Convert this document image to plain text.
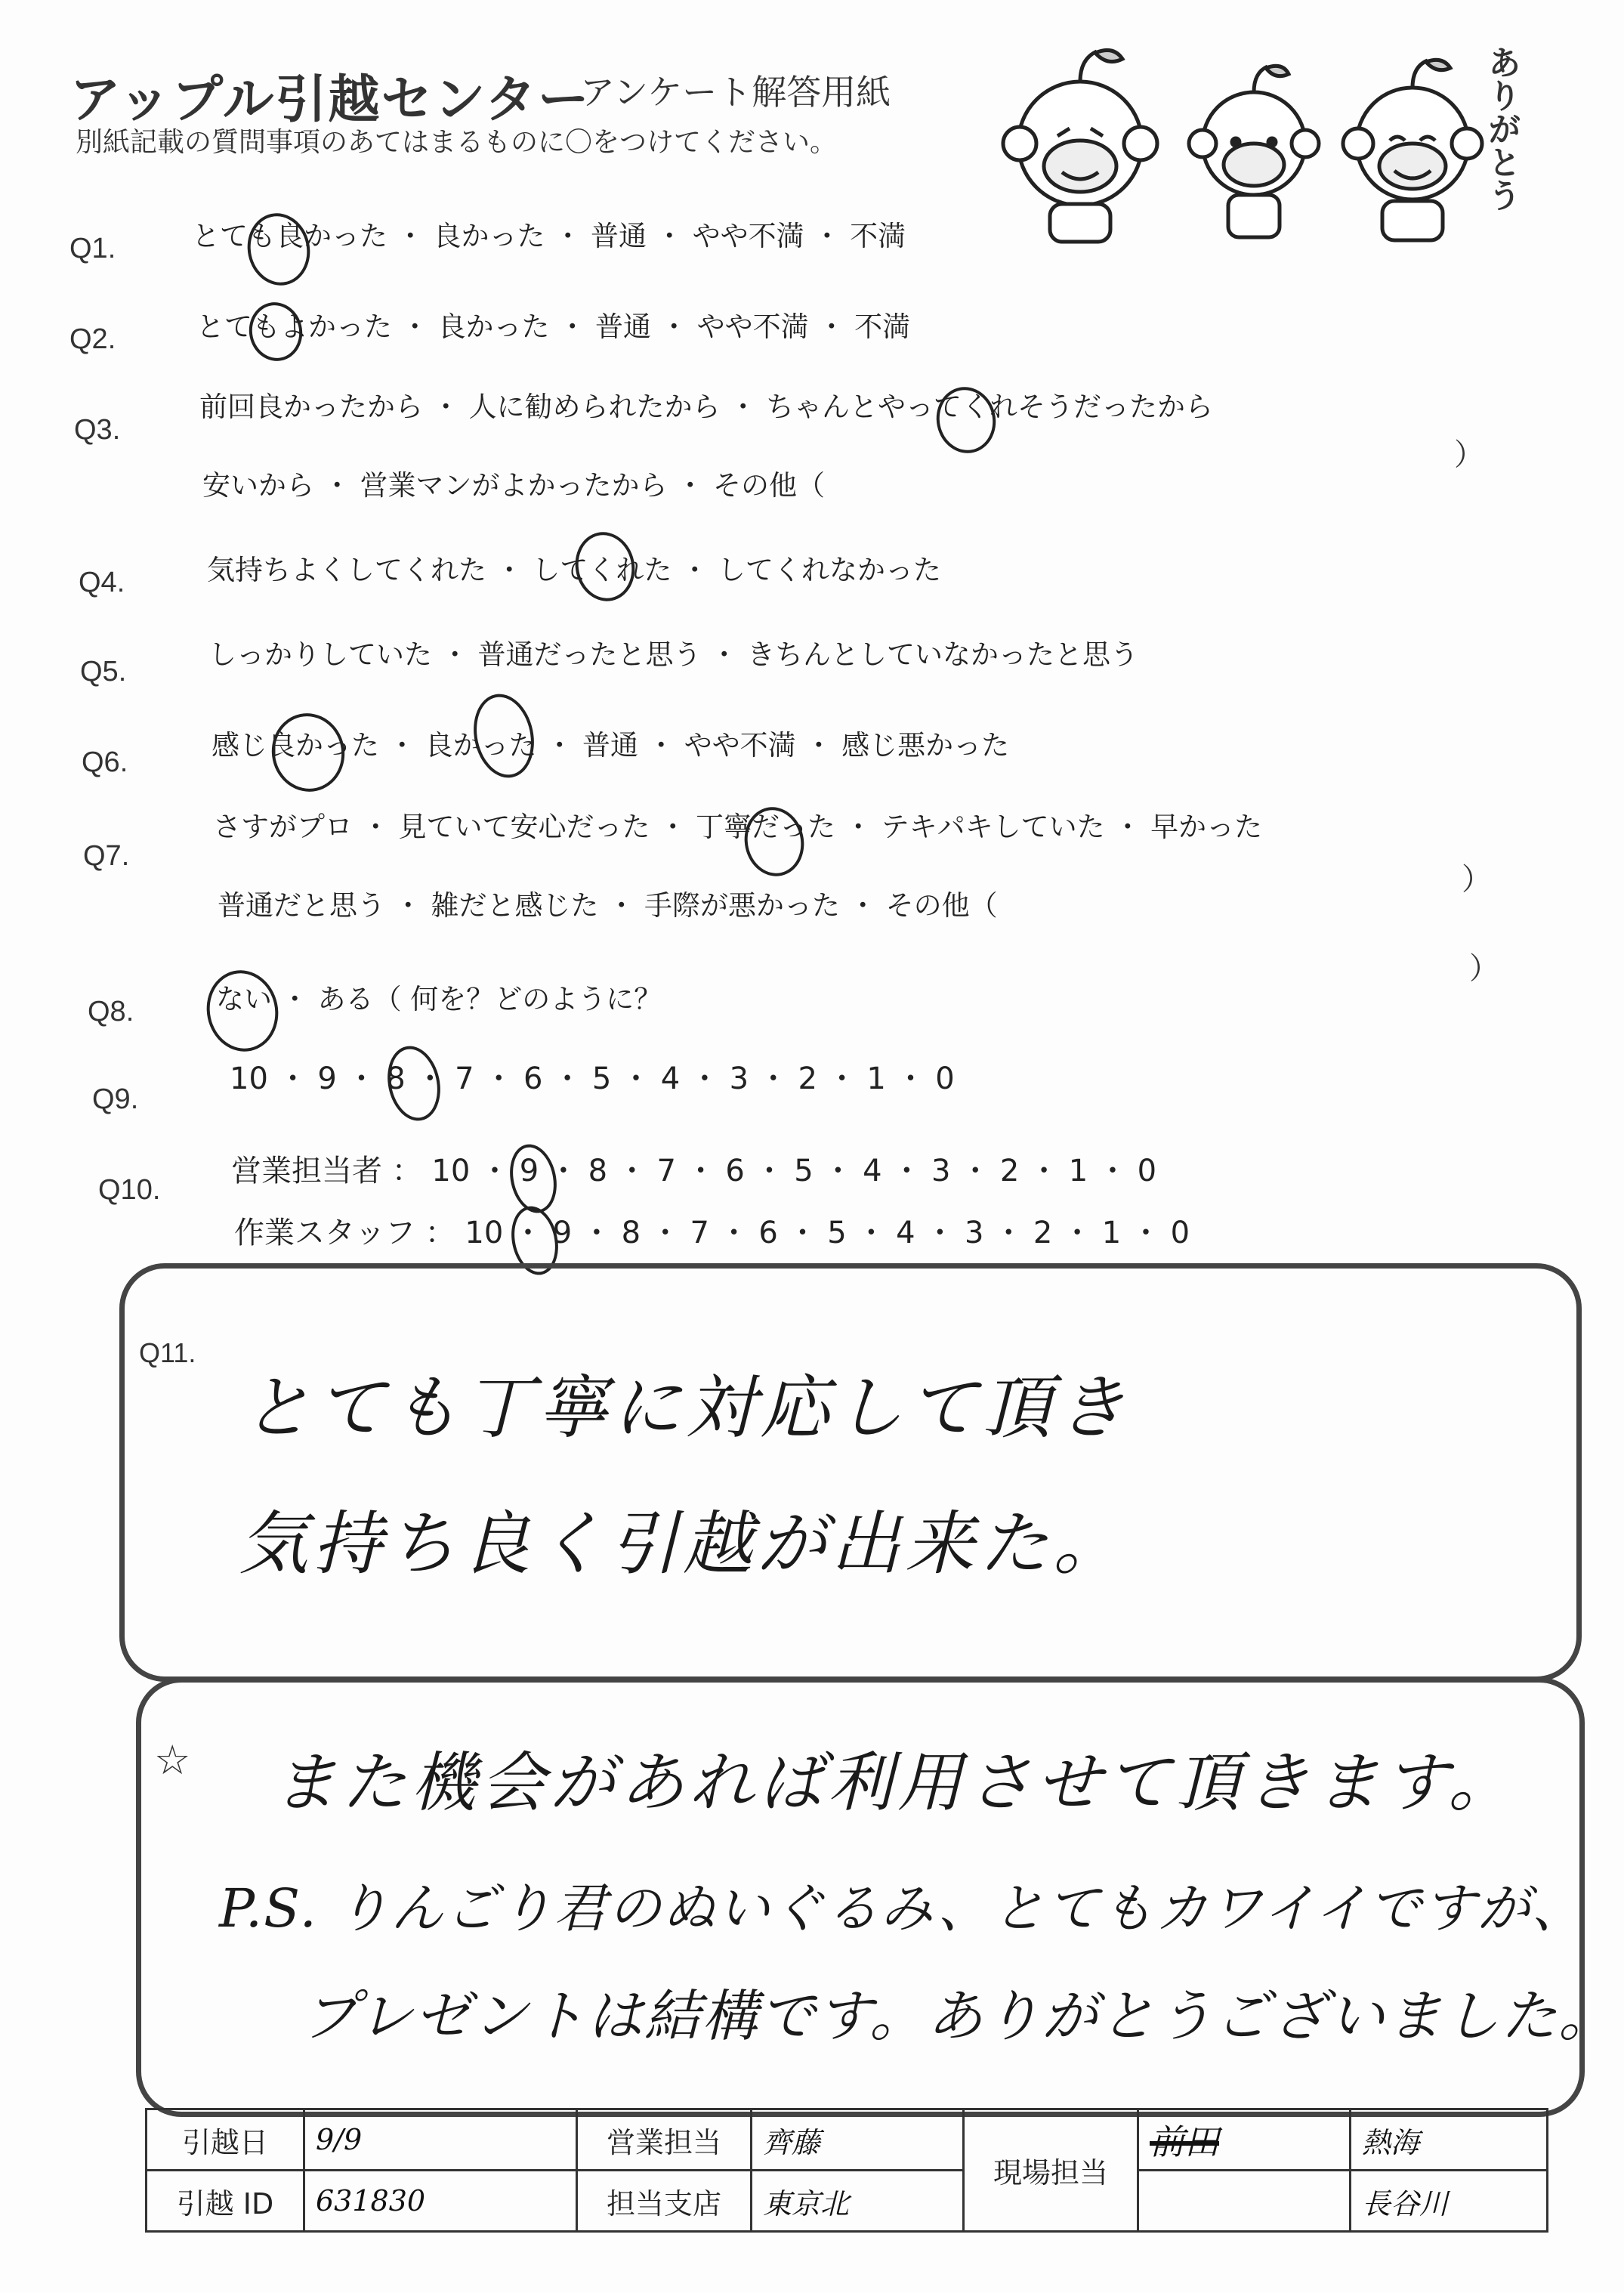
アップル引越センター
アンケート解答用紙
別紙記載の質問事項のあてはまるものに〇をつけてください。	ありがとう
Q1.	とても良かった ・ 良かった ・ 普通 ・ やや不満 ・ 不満
Q2.	とてもよかった ・ 良かった ・ 普通 ・ やや不満 ・ 不満
Q3.
前回良かったから ・ 人に勧められたから ・ ちゃんとやってくれそうだったから
安いから ・ 営業マンがよかったから ・ その他（
）
Q4.	気持ちよくしてくれた ・ してくれた ・ してくれなかった
Q5.
しっかりしていた ・ 普通だったと思う ・ きちんとしていなかったと思う
Q6.
感じ良かった ・ 良かった ・ 普通 ・ やや不満 ・ 感じ悪かった
Q7.
さすがプロ ・ 見ていて安心だった ・ 丁寧だった ・ テキパキしていた ・ 早かった
普通だと思う ・ 雑だと感じた ・ 手際が悪かった ・ その他（
）
Q8.	ない ・ ある（ 何を？どのように？
）
Q9.
10 ・ 9 ・ 8 ・ 7 ・ 6 ・ 5 ・ 4 ・ 3 ・ 2 ・ 1 ・ 0
Q10.
営業担当者 ： 10 ・ 9 ・ 8 ・ 7 ・ 6 ・ 5 ・ 4 ・ 3 ・ 2 ・ 1 ・ 0
作業スタッフ ： 10 ・ 9 ・ 8 ・ 7 ・ 6 ・ 5 ・ 4 ・ 3 ・ 2 ・ 1 ・ 0
Q11.
とても丁寧に対応して頂き
気持ち良く引越が出来た。
☆ また機会があれば利用させて頂きます。
P.S. りんごり君のぬいぐるみ、とてもカワイイですが、
プレゼントは結構です。ありがとうございました。
引越日	9/9	営業担当	齊藤	現場担当	前田	熱海
引越 ID	631830	担当支店	東京北			長谷川
